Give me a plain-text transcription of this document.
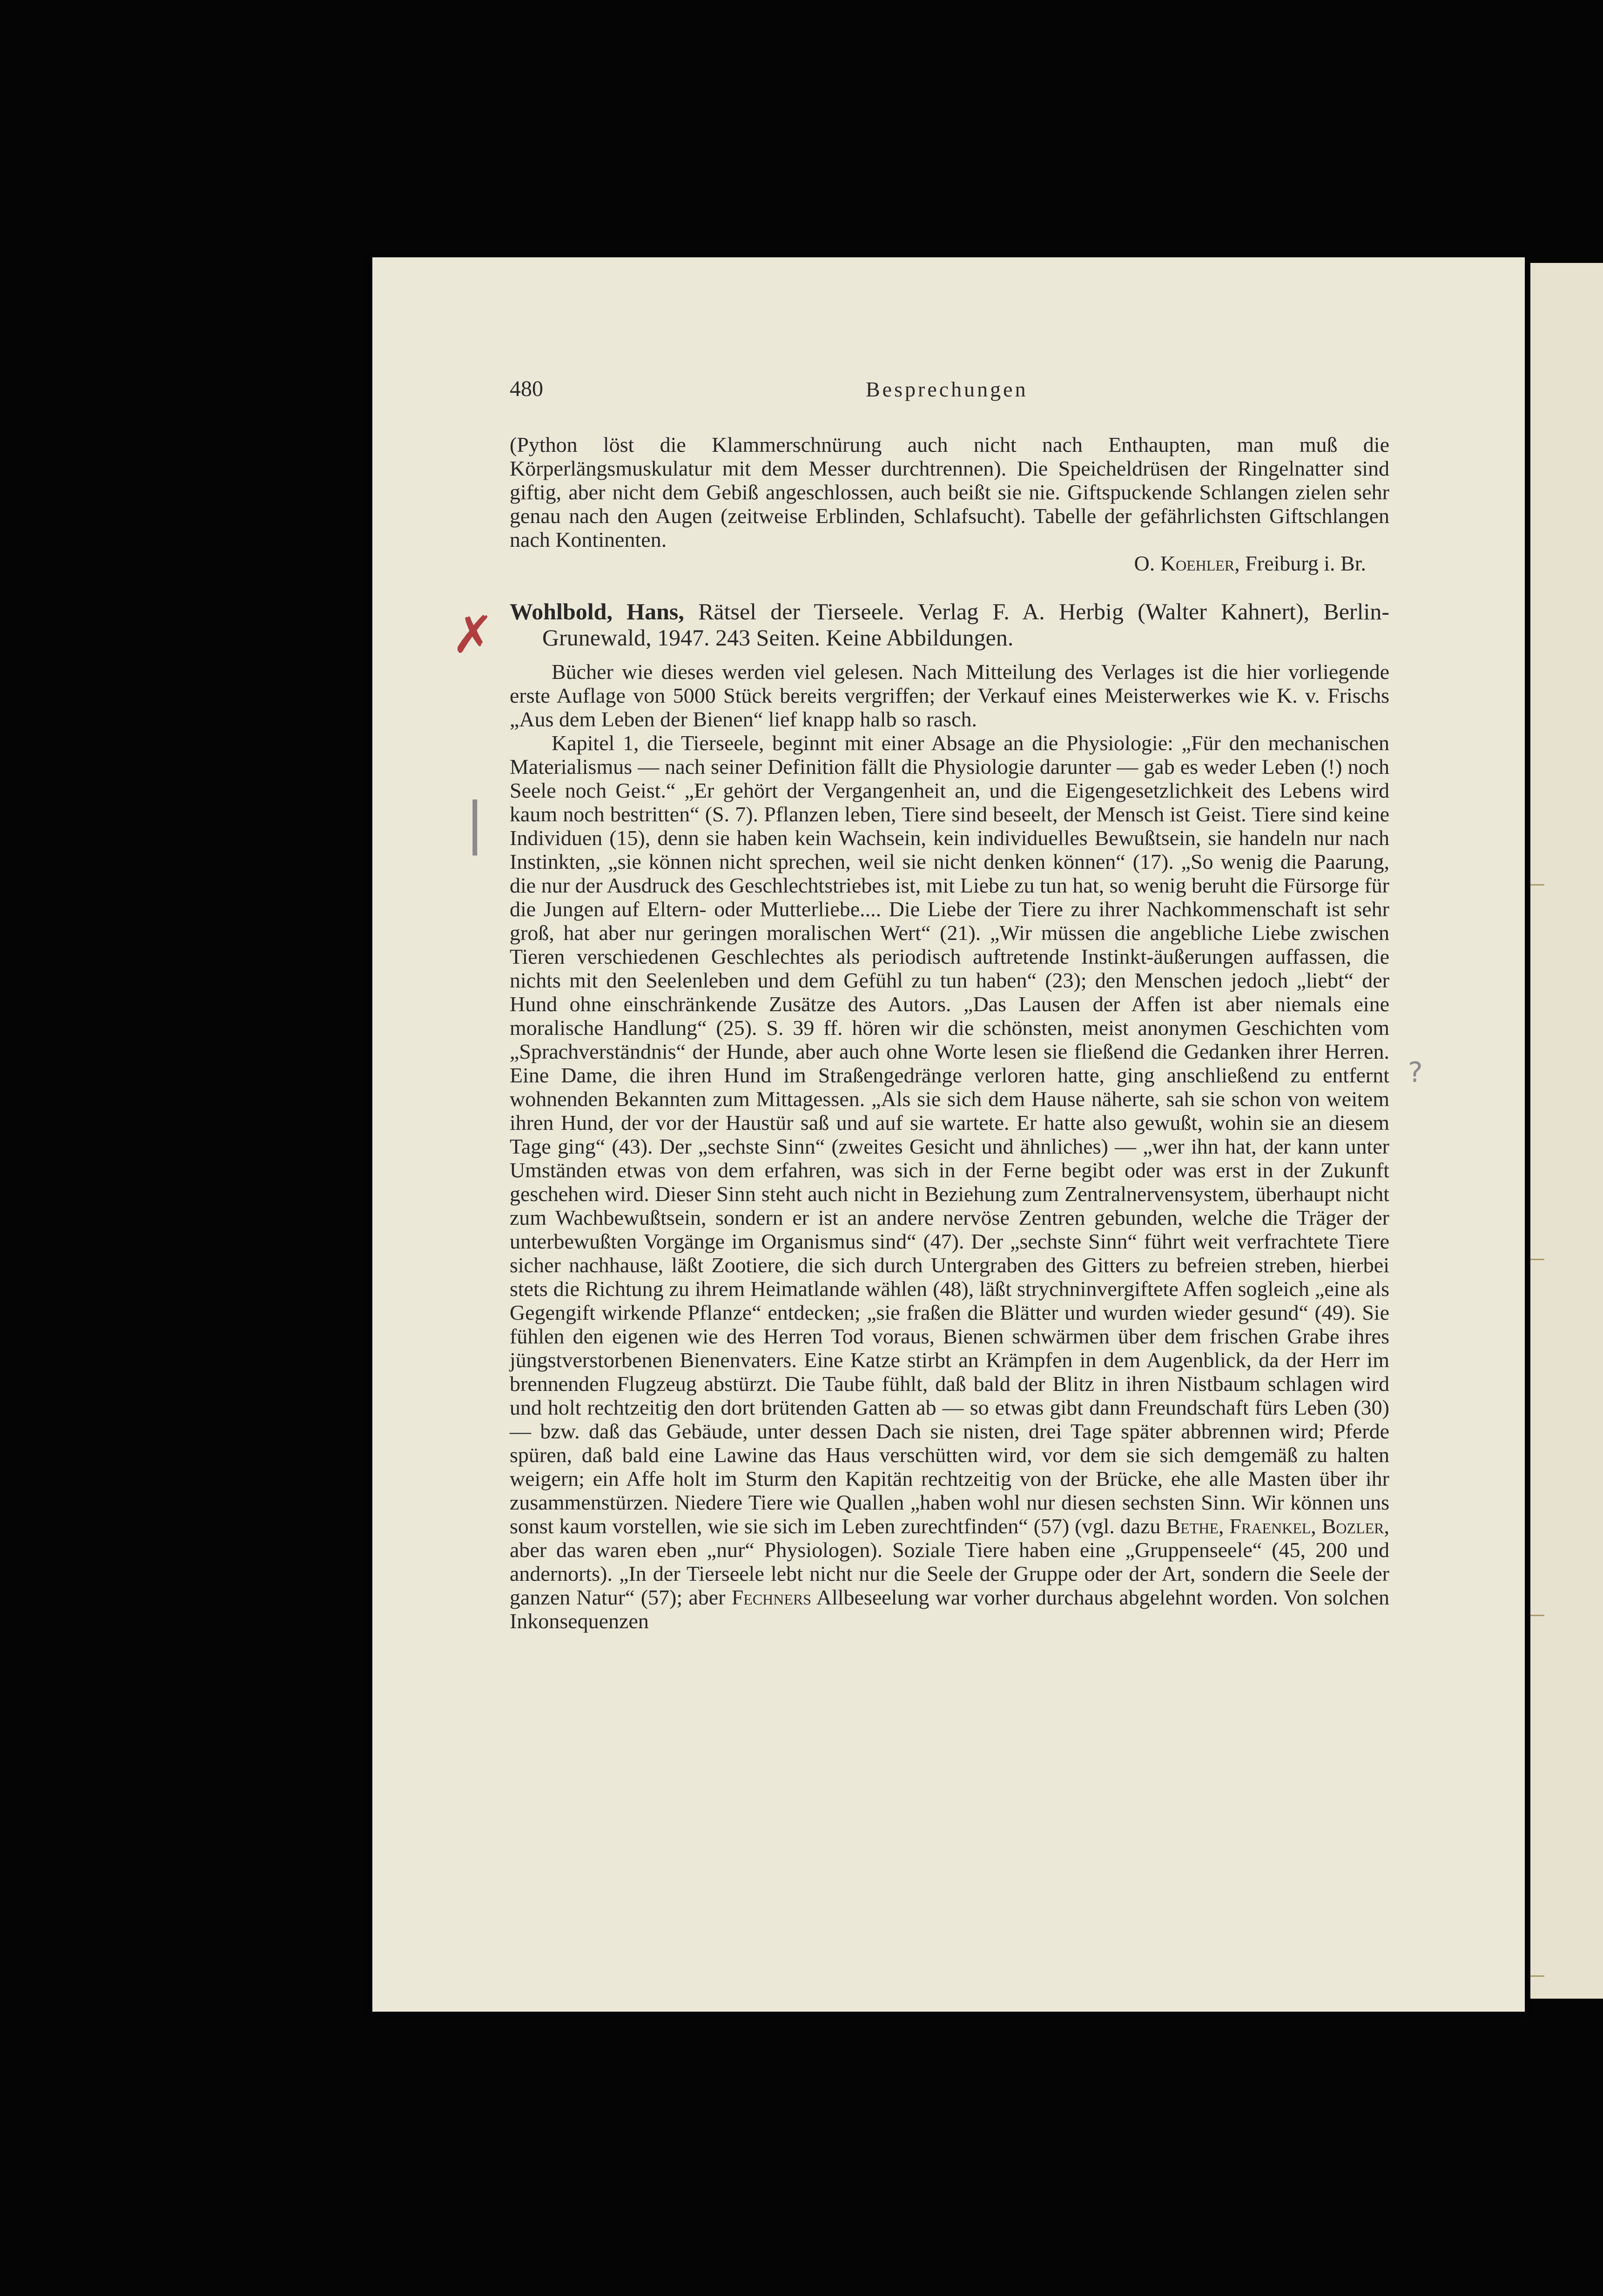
480	Besprechungen
✗
|
?

(Python löst die Klammerschnürung auch nicht nach Enthaupten, man muß die Körperlängsmuskulatur mit dem Messer durchtrennen). Die Speicheldrüsen der Ringelnatter sind giftig, aber nicht dem Gebiß angeschlossen, auch beißt sie nie. Giftspuckende Schlangen zielen sehr genau nach den Augen (zeitweise Erblinden, Schlafsucht). Tabelle der gefährlichsten Giftschlangen nach Kontinenten.

O. Koehler, Freiburg i. Br.

Wohlbold, Hans, Rätsel der Tierseele. Verlag F. A. Herbig (Walter Kahnert), Berlin-Grunewald, 1947. 243 Seiten. Keine Abbildungen.

Bücher wie dieses werden viel gelesen. Nach Mitteilung des Verlages ist die hier vorliegende erste Auflage von 5000 Stück bereits vergriffen; der Verkauf eines Meisterwerkes wie K. v. Frischs „Aus dem Leben der Bienen“ lief knapp halb so rasch.

Kapitel 1, die Tierseele, beginnt mit einer Absage an die Physiologie: „Für den mechanischen Materialismus — nach seiner Definition fällt die Physiologie darunter — gab es weder Leben (!) noch Seele noch Geist.“ „Er gehört der Vergangenheit an, und die Eigengesetzlichkeit des Lebens wird kaum noch bestritten“ (S. 7). Pflanzen leben, Tiere sind beseelt, der Mensch ist Geist. Tiere sind keine Individuen (15), denn sie haben kein Wachsein, kein individuelles Bewußtsein, sie handeln nur nach Instinkten, „sie können nicht sprechen, weil sie nicht denken können“ (17). „So wenig die Paarung, die nur der Ausdruck des Geschlechtstriebes ist, mit Liebe zu tun hat, so wenig beruht die Fürsorge für die Jungen auf Eltern- oder Mutterliebe.... Die Liebe der Tiere zu ihrer Nachkommenschaft ist sehr groß, hat aber nur geringen moralischen Wert“ (21). „Wir müssen die angebliche Liebe zwischen Tieren verschiedenen Geschlechtes als periodisch auftretende Instinkt-äußerungen auffassen, die nichts mit den Seelenleben und dem Gefühl zu tun haben“ (23); den Menschen jedoch „liebt“ der Hund ohne einschränkende Zusätze des Autors. „Das Lausen der Affen ist aber niemals eine moralische Handlung“ (25). S. 39 ff. hören wir die schönsten, meist anonymen Geschichten vom „Sprachverständnis“ der Hunde, aber auch ohne Worte lesen sie fließend die Gedanken ihrer Herren. Eine Dame, die ihren Hund im Straßengedränge verloren hatte, ging anschließend zu entfernt wohnenden Bekannten zum Mittagessen. „Als sie sich dem Hause näherte, sah sie schon von weitem ihren Hund, der vor der Haustür saß und auf sie wartete. Er hatte also gewußt, wohin sie an diesem Tage ging“ (43). Der „sechste Sinn“ (zweites Gesicht und ähnliches) — „wer ihn hat, der kann unter Umständen etwas von dem erfahren, was sich in der Ferne begibt oder was erst in der Zukunft geschehen wird. Dieser Sinn steht auch nicht in Beziehung zum Zentralnervensystem, überhaupt nicht zum Wachbewußtsein, sondern er ist an andere nervöse Zentren gebunden, welche die Träger der unterbewußten Vorgänge im Organismus sind“ (47). Der „sechste Sinn“ führt weit verfrachtete Tiere sicher nachhause, läßt Zootiere, die sich durch Untergraben des Gitters zu befreien streben, hierbei stets die Richtung zu ihrem Heimatlande wählen (48), läßt strychninvergiftete Affen sogleich „eine als Gegengift wirkende Pflanze“ entdecken; „sie fraßen die Blätter und wurden wieder gesund“ (49). Sie fühlen den eigenen wie des Herren Tod voraus, Bienen schwärmen über dem frischen Grabe ihres jüngstverstorbenen Bienenvaters. Eine Katze stirbt an Krämpfen in dem Augenblick, da der Herr im brennenden Flugzeug abstürzt. Die Taube fühlt, daß bald der Blitz in ihren Nistbaum schlagen wird und holt rechtzeitig den dort brütenden Gatten ab — so etwas gibt dann Freundschaft fürs Leben (30) — bzw. daß das Gebäude, unter dessen Dach sie nisten, drei Tage später abbrennen wird; Pferde spüren, daß bald eine Lawine das Haus verschütten wird, vor dem sie sich demgemäß zu halten weigern; ein Affe holt im Sturm den Kapitän rechtzeitig von der Brücke, ehe alle Masten über ihr zusammenstürzen. Niedere Tiere wie Quallen „haben wohl nur diesen sechsten Sinn. Wir können uns sonst kaum vorstellen, wie sie sich im Leben zurechtfinden“ (57) (vgl. dazu Bethe, Fraenkel, Bozler, aber das waren eben „nur“ Physiologen). Soziale Tiere haben eine „Gruppenseele“ (45, 200 und andernorts). „In der Tierseele lebt nicht nur die Seele der Gruppe oder der Art, sondern die Seele der ganzen Natur“ (57); aber Fechners Allbeseelung war vorher durchaus abgelehnt worden. Von solchen Inkonsequenzen
